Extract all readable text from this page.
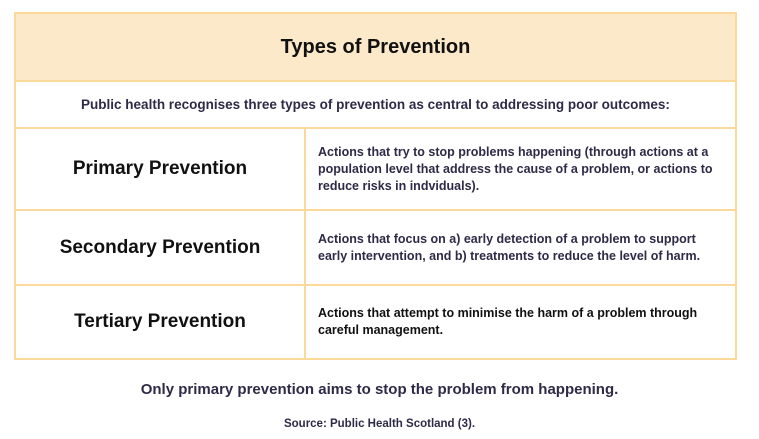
Types of Prevention
Public health recognises three types of prevention as central to addressing poor outcomes:
Primary Prevention
Actions that try to stop problems happening (through actions at a population level that address the cause of a problem, or actions to reduce risks in indviduals).
Secondary Prevention	Actions that focus on a) early detection of a problem to support early intervention, and b) treatments to reduce the level of harm.
Tertiary Prevention	Actions that attempt to minimise the harm of a problem through careful management.
Only primary prevention aims to stop the problem from happening.
Source: Public Health Scotland (3).
